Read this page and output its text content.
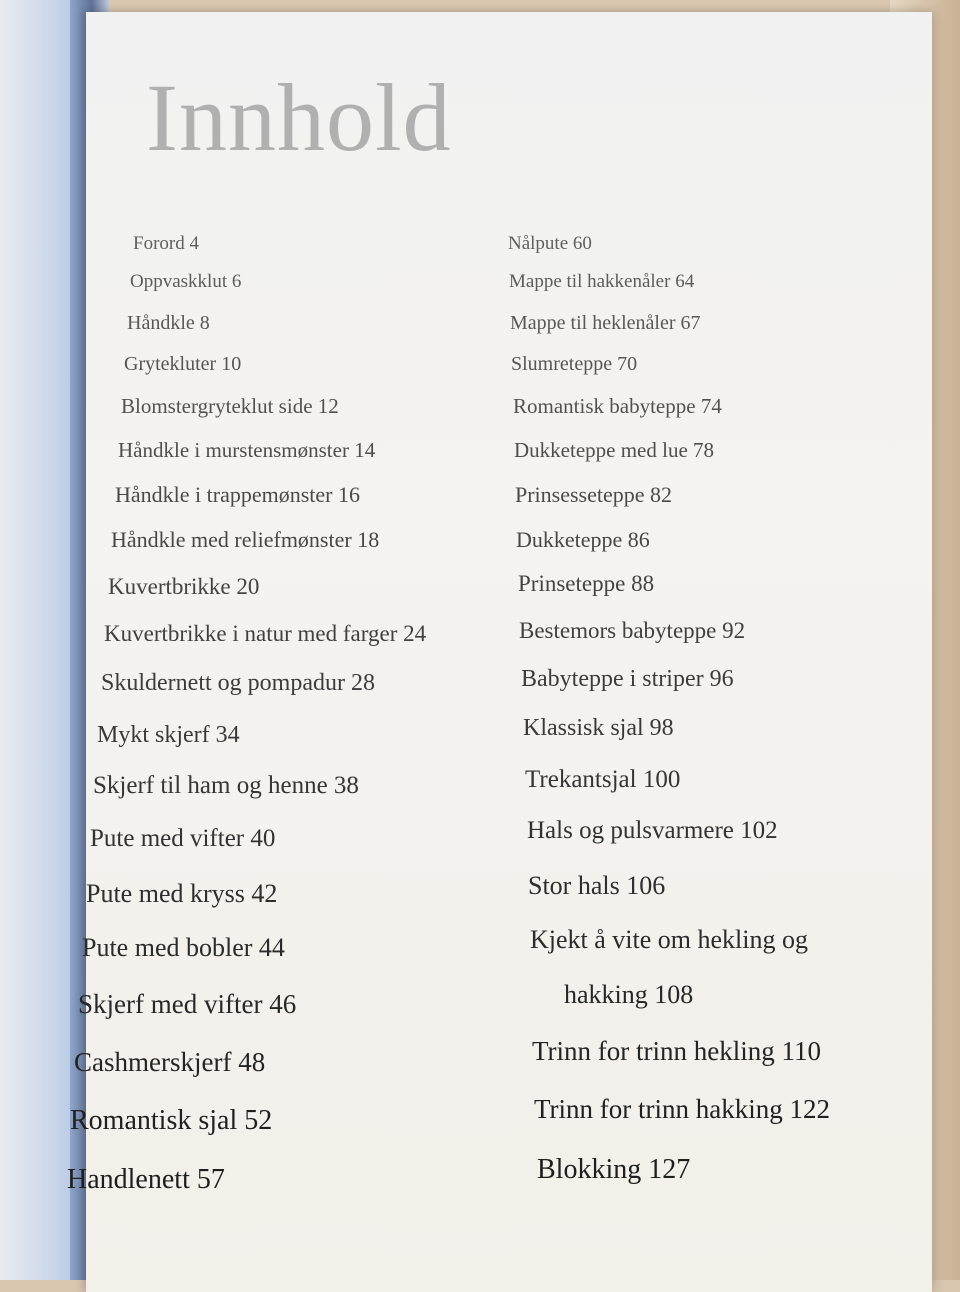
Innhold
Forord 4
Oppvaskklut 6
Håndkle 8
Grytekluter 10
Blomstergryteklut side 12
Håndkle i murstensmønster 14
Håndkle i trappemønster 16
Håndkle med reliefmønster 18
Kuvertbrikke 20
Kuvertbrikke i natur med farger 24
Skuldernett og pompadur 28
Mykt skjerf 34
Skjerf til ham og henne 38
Pute med vifter 40
Pute med kryss 42
Pute med bobler 44
Skjerf med vifter 46
Cashmerskjerf 48
Romantisk sjal 52
Handlenett 57
Nålpute 60
Mappe til hakkenåler 64
Mappe til heklenåler 67
Slumreteppe 70
Romantisk babyteppe 74
Dukketeppe med lue 78
Prinsesseteppe 82
Dukketeppe 86
Prinseteppe 88
Bestemors babyteppe 92
Babyteppe i striper 96
Klassisk sjal 98
Trekantsjal 100
Hals og pulsvarmere 102
Stor hals 106
Kjekt å vite om hekling og
hakking 108
Trinn for trinn hekling 110
Trinn for trinn hakking 122
Blokking 127
